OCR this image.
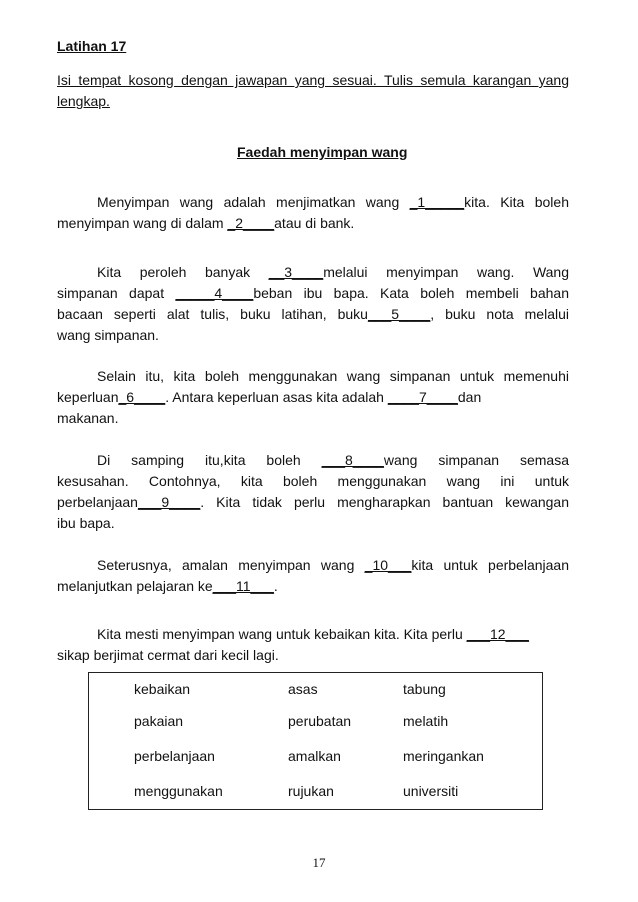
Latihan 17
Isi tempat kosong dengan jawapan yang sesuai. Tulis semula karangan yang lengkap.
Faedah menyimpan wang
Menyimpan wang adalah menjimatkan wang _1_____kita. Kita boleh
menyimpan wang di dalam _2____atau di bank.
Kita peroleh banyak __3____melalui menyimpan wang. Wang
simpanan dapat _____4____beban ibu bapa. Kata boleh membeli bahan
bacaan seperti alat tulis, buku latihan, buku___5____, buku nota melalui
wang simpanan.
Selain itu, kita boleh menggunakan wang simpanan untuk memenuhi
keperluan_6____. Antara keperluan asas kita adalah ____7____dan
makanan.
Di samping itu,kita boleh ___8____wang simpanan semasa
kesusahan. Contohnya, kita boleh menggunakan wang ini untuk
perbelanjaan___9____. Kita tidak perlu mengharapkan bantuan kewangan
ibu bapa.
Seterusnya, amalan menyimpan wang _10___kita untuk perbelanjaan
melanjutkan pelajaran ke___11___.
Kita mesti menyimpan wang untuk kebaikan kita. Kita perlu ___12___
sikap berjimat cermat dari kecil lagi.
kebaikan	asas	tabung
pakaian	perubatan	melatih
perbelanjaan	amalkan	meringankan
menggunakan	rujukan	universiti
17
